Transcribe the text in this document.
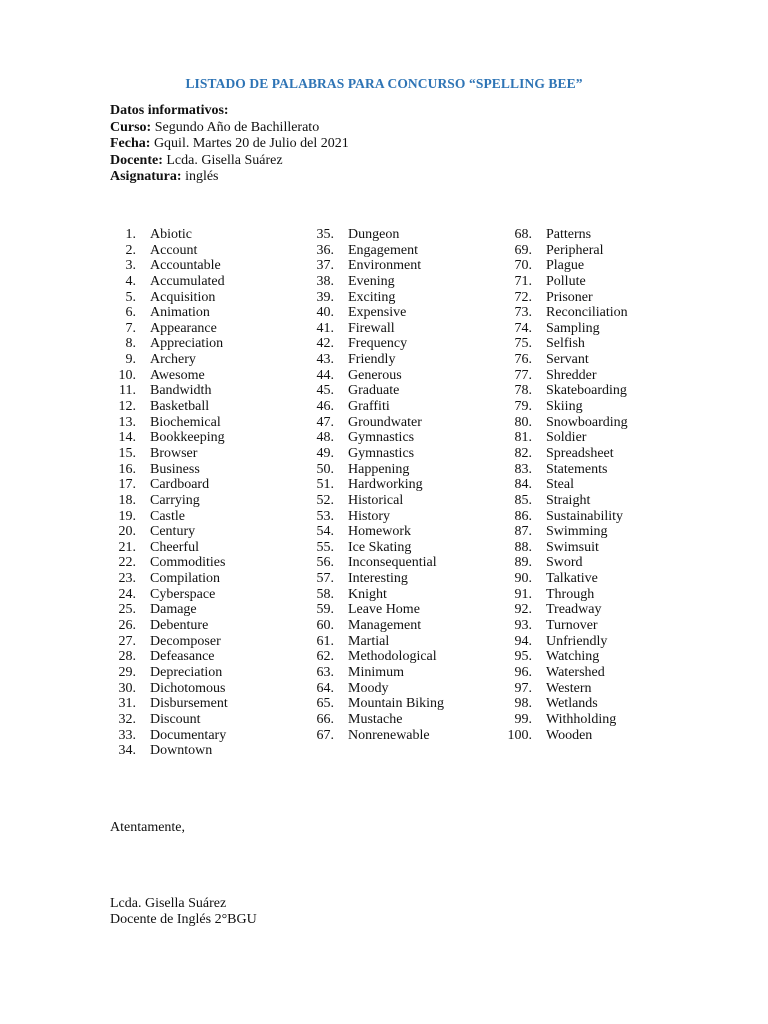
LISTADO DE PALABRAS PARA CONCURSO “SPELLING BEE”
Datos informativos:
Curso: Segundo Año de Bachillerato
Fecha: Gquil. Martes 20 de Julio del 2021
Docente: Lcda. Gisella Suárez
Asignatura: inglés
1.	Abiotic
2.	Account
3.	Accountable
4.	Accumulated
5.	Acquisition
6.	Animation
7.	Appearance
8.	Appreciation
9.	Archery
10.	Awesome
11.	Bandwidth
12.	Basketball
13.	Biochemical
14.	Bookkeeping
15.	Browser
16.	Business
17.	Cardboard
18.	Carrying
19.	Castle
20.	Century
21.	Cheerful
22.	Commodities
23.	Compilation
24.	Cyberspace
25.	Damage
26.	Debenture
27.	Decomposer
28.	Defeasance
29.	Depreciation
30.	Dichotomous
31.	Disbursement
32.	Discount
33.	Documentary
34.	Downtown
35.	Dungeon
36.	Engagement
37.	Environment
38.	Evening
39.	Exciting
40.	Expensive
41.	Firewall
42.	Frequency
43.	Friendly
44.	Generous
45.	Graduate
46.	Graffiti
47.	Groundwater
48.	Gymnastics
49.	Gymnastics
50.	Happening
51.	Hardworking
52.	Historical
53.	History
54.	Homework
55.	Ice Skating
56.	Inconsequential
57.	Interesting
58.	Knight
59.	Leave Home
60.	Management
61.	Martial
62.	Methodological
63.	Minimum
64.	Moody
65.	Mountain Biking
66.	Mustache
67.	Nonrenewable
68.	Patterns
69.	Peripheral
70.	Plague
71.	Pollute
72.	Prisoner
73.	Reconciliation
74.	Sampling
75.	Selfish
76.	Servant
77.	Shredder
78.	Skateboarding
79.	Skiing
80.	Snowboarding
81.	Soldier
82.	Spreadsheet
83.	Statements
84.	Steal
85.	Straight
86.	Sustainability
87.	Swimming
88.	Swimsuit
89.	Sword
90.	Talkative
91.	Through
92.	Treadway
93.	Turnover
94.	Unfriendly
95.	Watching
96.	Watershed
97.	Western
98.	Wetlands
99.	Withholding
100.	Wooden
Atentamente,
Lcda. Gisella Suárez
Docente de Inglés 2°BGU
